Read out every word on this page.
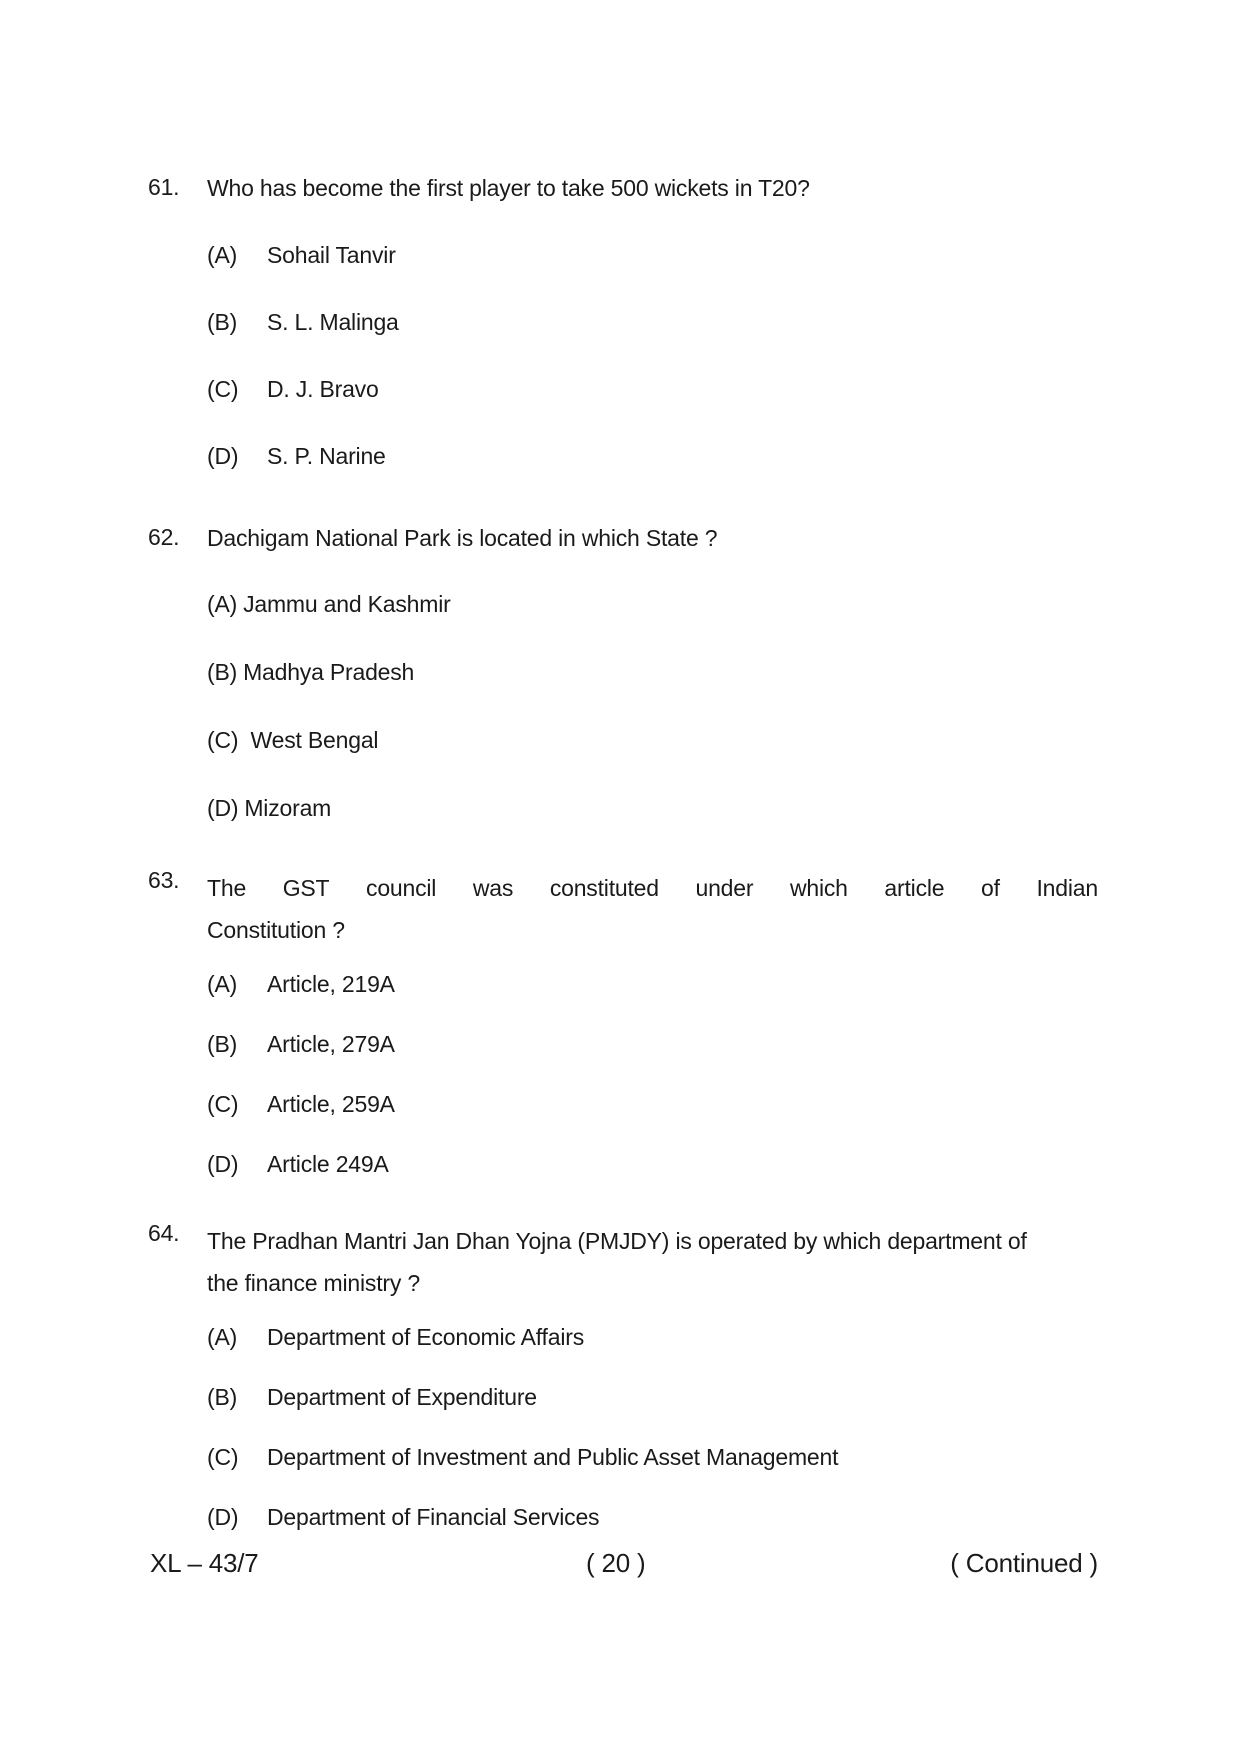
61. Who has become the first player to take 500 wickets in T20?
(A) Sohail Tanvir
(B) S. L. Malinga
(C) D. J. Bravo
(D) S. P. Narine
62. Dachigam National Park is located in which State ?
(A) Jammu and Kashmir
(B) Madhya Pradesh
(C) West Bengal
(D) Mizoram
63. The GST council was constituted under which article of Indian
Constitution ?
(A) Article, 219A
(B) Article, 279A
(C) Article, 259A
(D) Article 249A
64. The Pradhan Mantri Jan Dhan Yojna (PMJDY) is operated by which department of
the finance ministry ?
(A) Department of Economic Affairs
(B) Department of Expenditure
(C) Department of Investment and Public Asset Management
(D) Department of Financial Services
XL – 43/7	( 20 )	( Continued )
